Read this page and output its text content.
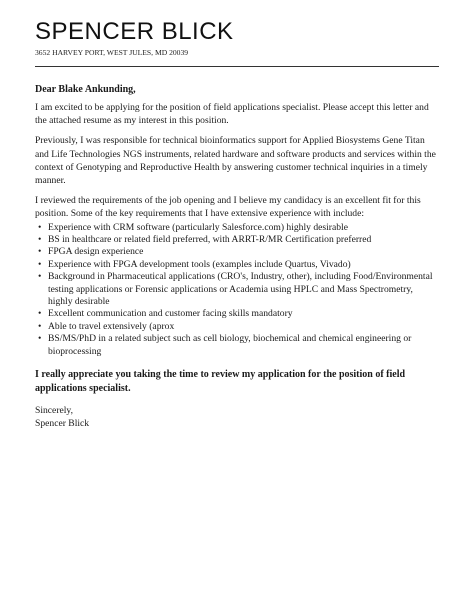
SPENCER BLICK
3652 HARVEY PORT, WEST JULES, MD 20039
Dear Blake Ankunding,

I am excited to be applying for the position of field applications specialist. Please accept this letter and the attached resume as my interest in this position.

Previously, I was responsible for technical bioinformatics support for Applied Biosystems Gene Titan and Life Technologies NGS instruments, related hardware and software products and services within the context of Genotyping and Reproductive Health by answering customer technical inquiries in a timely manner.

I reviewed the requirements of the job opening and I believe my candidacy is an excellent fit for this position. Some of the key requirements that I have extensive experience with include:

• Experience with CRM software (particularly Salesforce.com) highly desirable
• BS in healthcare or related field preferred, with ARRT-R/MR Certification preferred
• FPGA design experience
• Experience with FPGA development tools (examples include Quartus, Vivado)
• Background in Pharmaceutical applications (CRO's, Industry, other), including Food/Environmental testing applications or Forensic applications or Academia using HPLC and Mass Spectrometry, highly desirable
• Excellent communication and customer facing skills mandatory
• Able to travel extensively (aprox
• BS/MS/PhD in a related subject such as cell biology, biochemical and chemical engineering or bioprocessing
I really appreciate you taking the time to review my application for the position of field applications specialist.
Sincerely,
Spencer Blick
